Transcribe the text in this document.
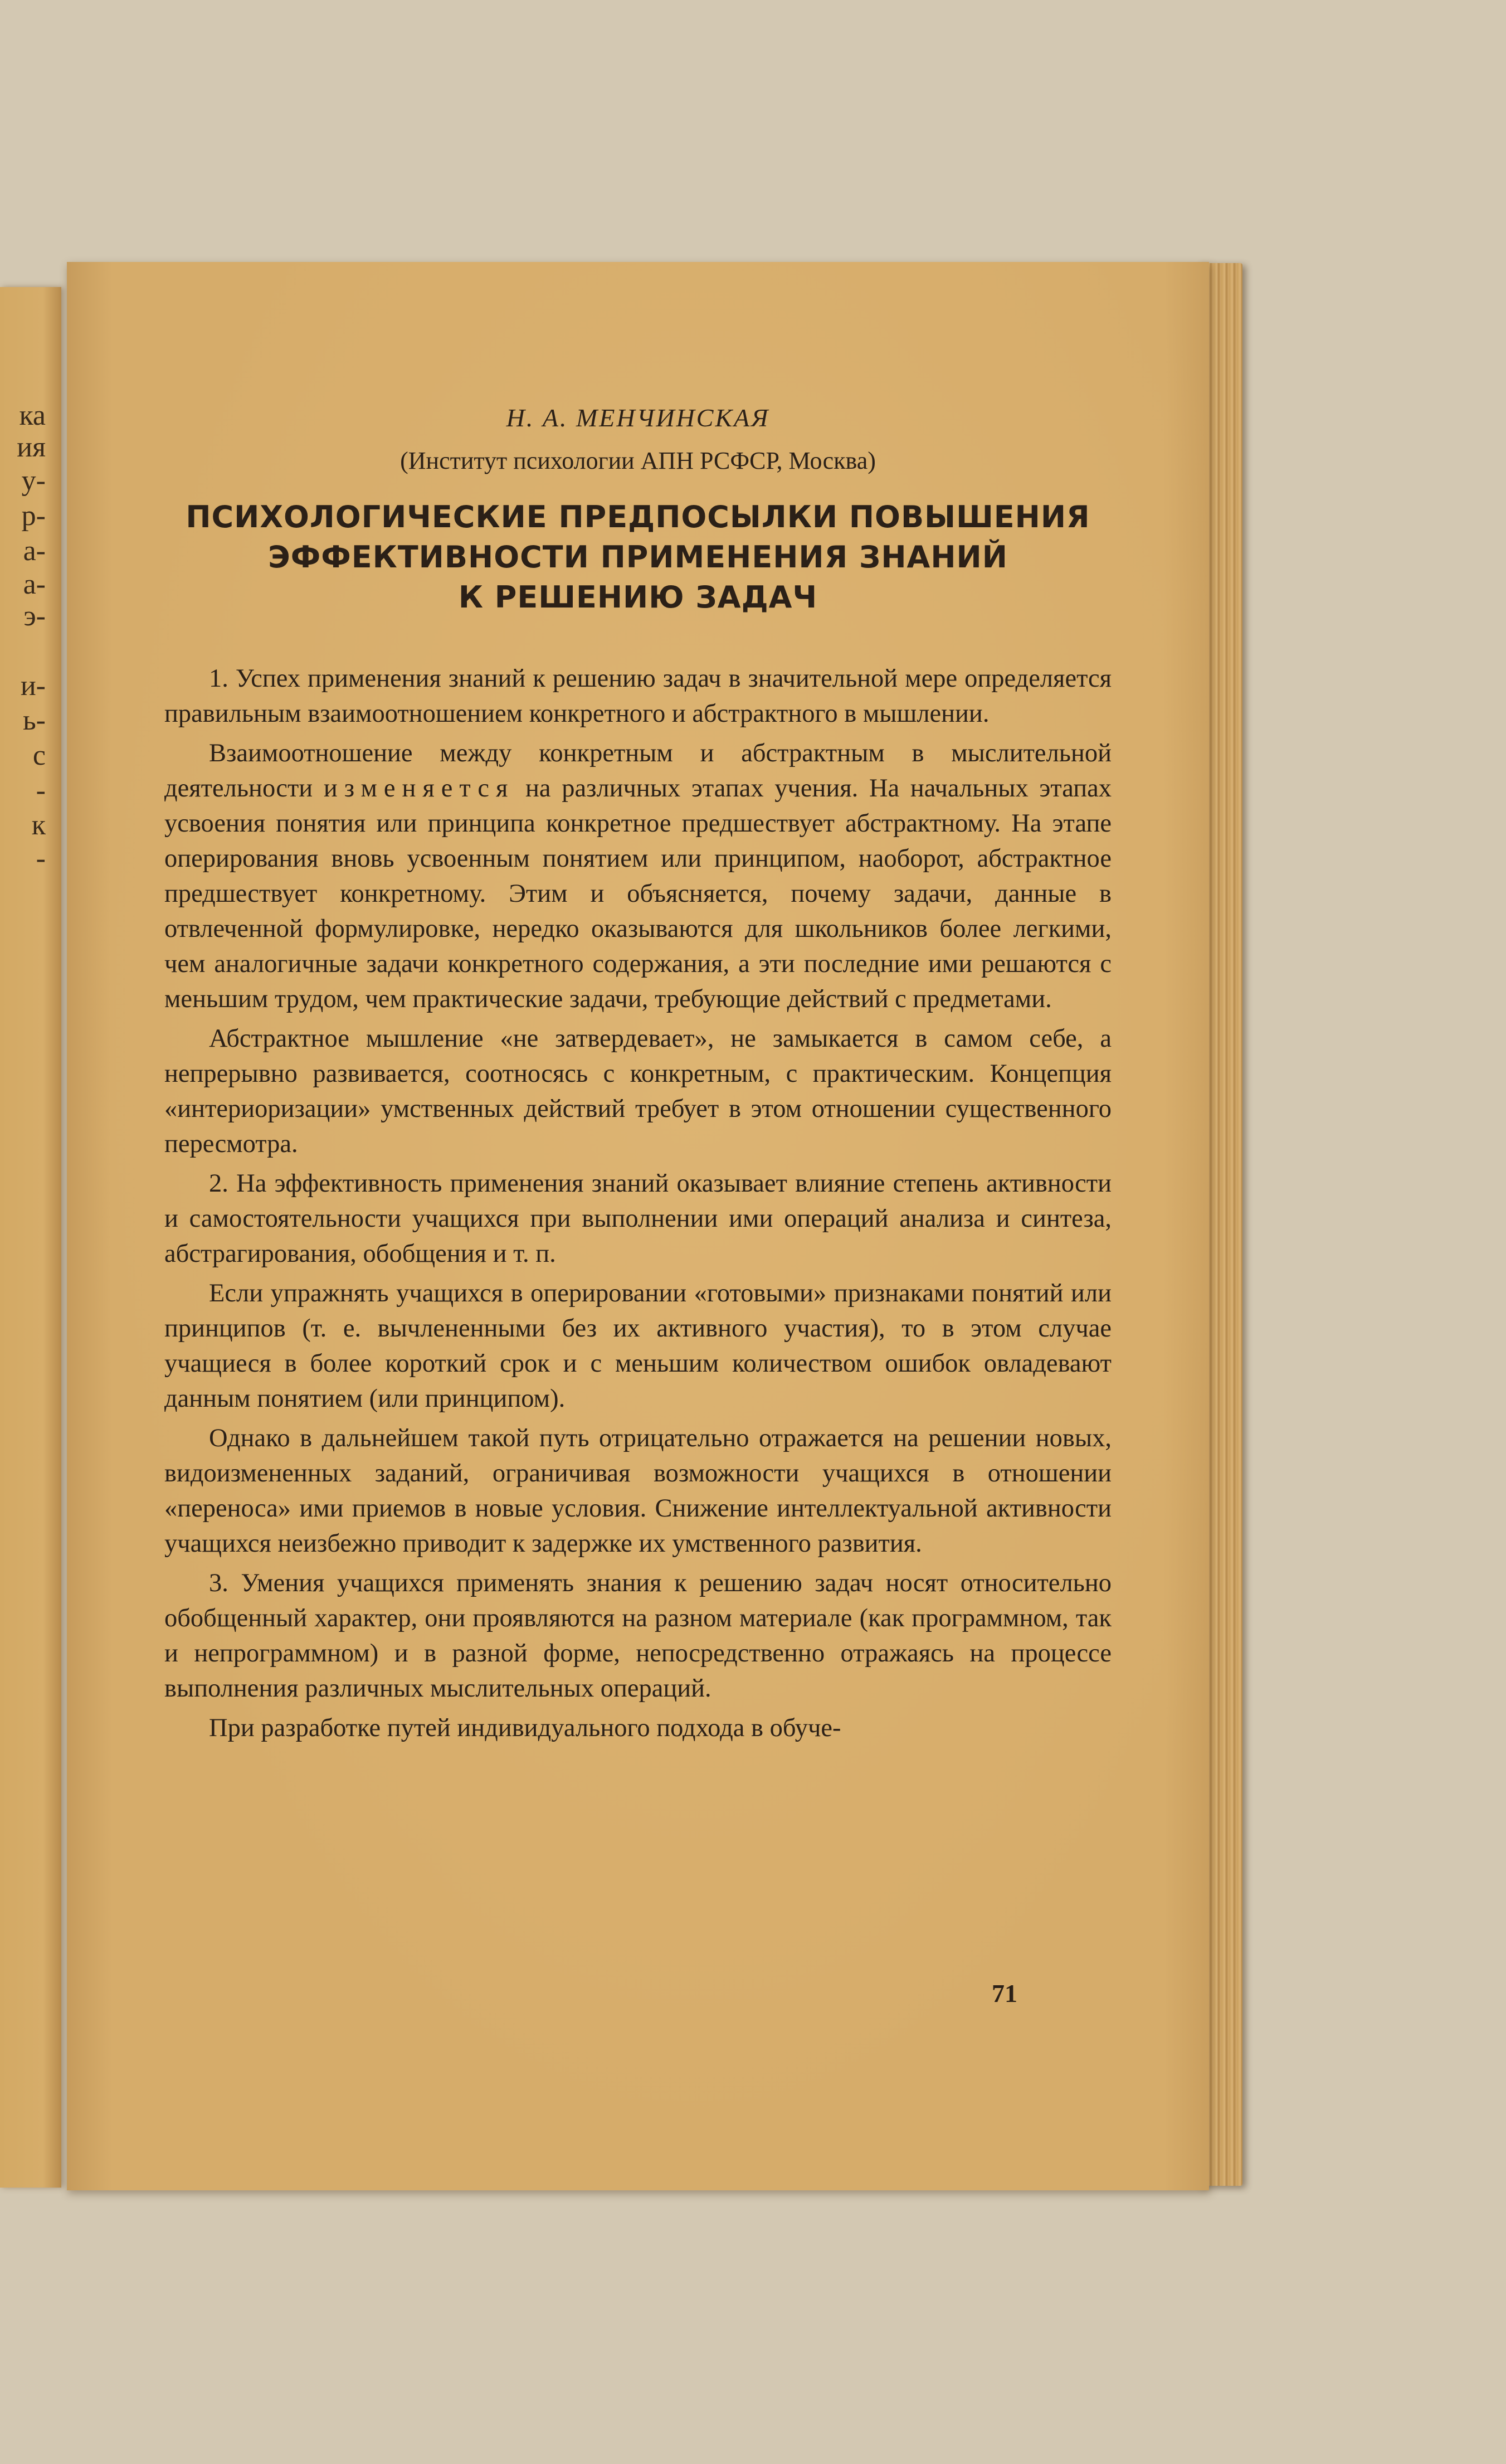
ка
ия
у-
р-
а-
а-
э-
и-
ь-
с
-
к
-

Н. А. МЕНЧИНСКАЯ

(Институт психологии АПН РСФСР, Москва)

ПСИХОЛОГИЧЕСКИЕ ПРЕДПОСЫЛКИ ПОВЫШЕНИЯ
ЭФФЕКТИВНОСТИ ПРИМЕНЕНИЯ ЗНАНИЙ
К РЕШЕНИЮ ЗАДАЧ

1. Успех применения знаний к решению задач в значительной мере определяется правильным взаимоотношением конкретного и абстрактного в мышлении.

Взаимоотношение между конкретным и абстрактным в мыслительной деятельности изменяется на различных этапах учения. На начальных этапах усвоения понятия или принципа конкретное предшествует абстрактному. На этапе оперирования вновь усвоенным понятием или принципом, наоборот, абстрактное предшествует конкретному. Этим и объясняется, почему задачи, данные в отвлеченной формулировке, нередко оказываются для школьников более легкими, чем аналогичные задачи конкретного содержания, а эти последние ими решаются с меньшим трудом, чем практические задачи, требующие действий с предметами.

Абстрактное мышление «не затвердевает», не замыкается в самом себе, а непрерывно развивается, соотносясь с конкретным, с практическим. Концепция «интериоризации» умственных действий требует в этом отношении существенного пересмотра.

2. На эффективность применения знаний оказывает влияние степень активности и самостоятельности учащихся при выполнении ими операций анализа и синтеза, абстрагирования, обобщения и т. п.

Если упражнять учащихся в оперировании «готовыми» признаками понятий или принципов (т. е. вычлененными без их активного участия), то в этом случае учащиеся в более короткий срок и с меньшим количеством ошибок овладевают данным понятием (или принципом).

Однако в дальнейшем такой путь отрицательно отражается на решении новых, видоизмененных заданий, ограничивая возможности учащихся в отношении «переноса» ими приемов в новые условия. Снижение интеллектуальной активности учащихся неизбежно приводит к задержке их умственного развития.

3. Умения учащихся применять знания к решению задач носят относительно обобщенный характер, они проявляются на разном материале (как программном, так и непрограммном) и в разной форме, непосредственно отражаясь на процессе выполнения различных мыслительных операций.

При разработке путей индивидуального подхода в обуче-

71
